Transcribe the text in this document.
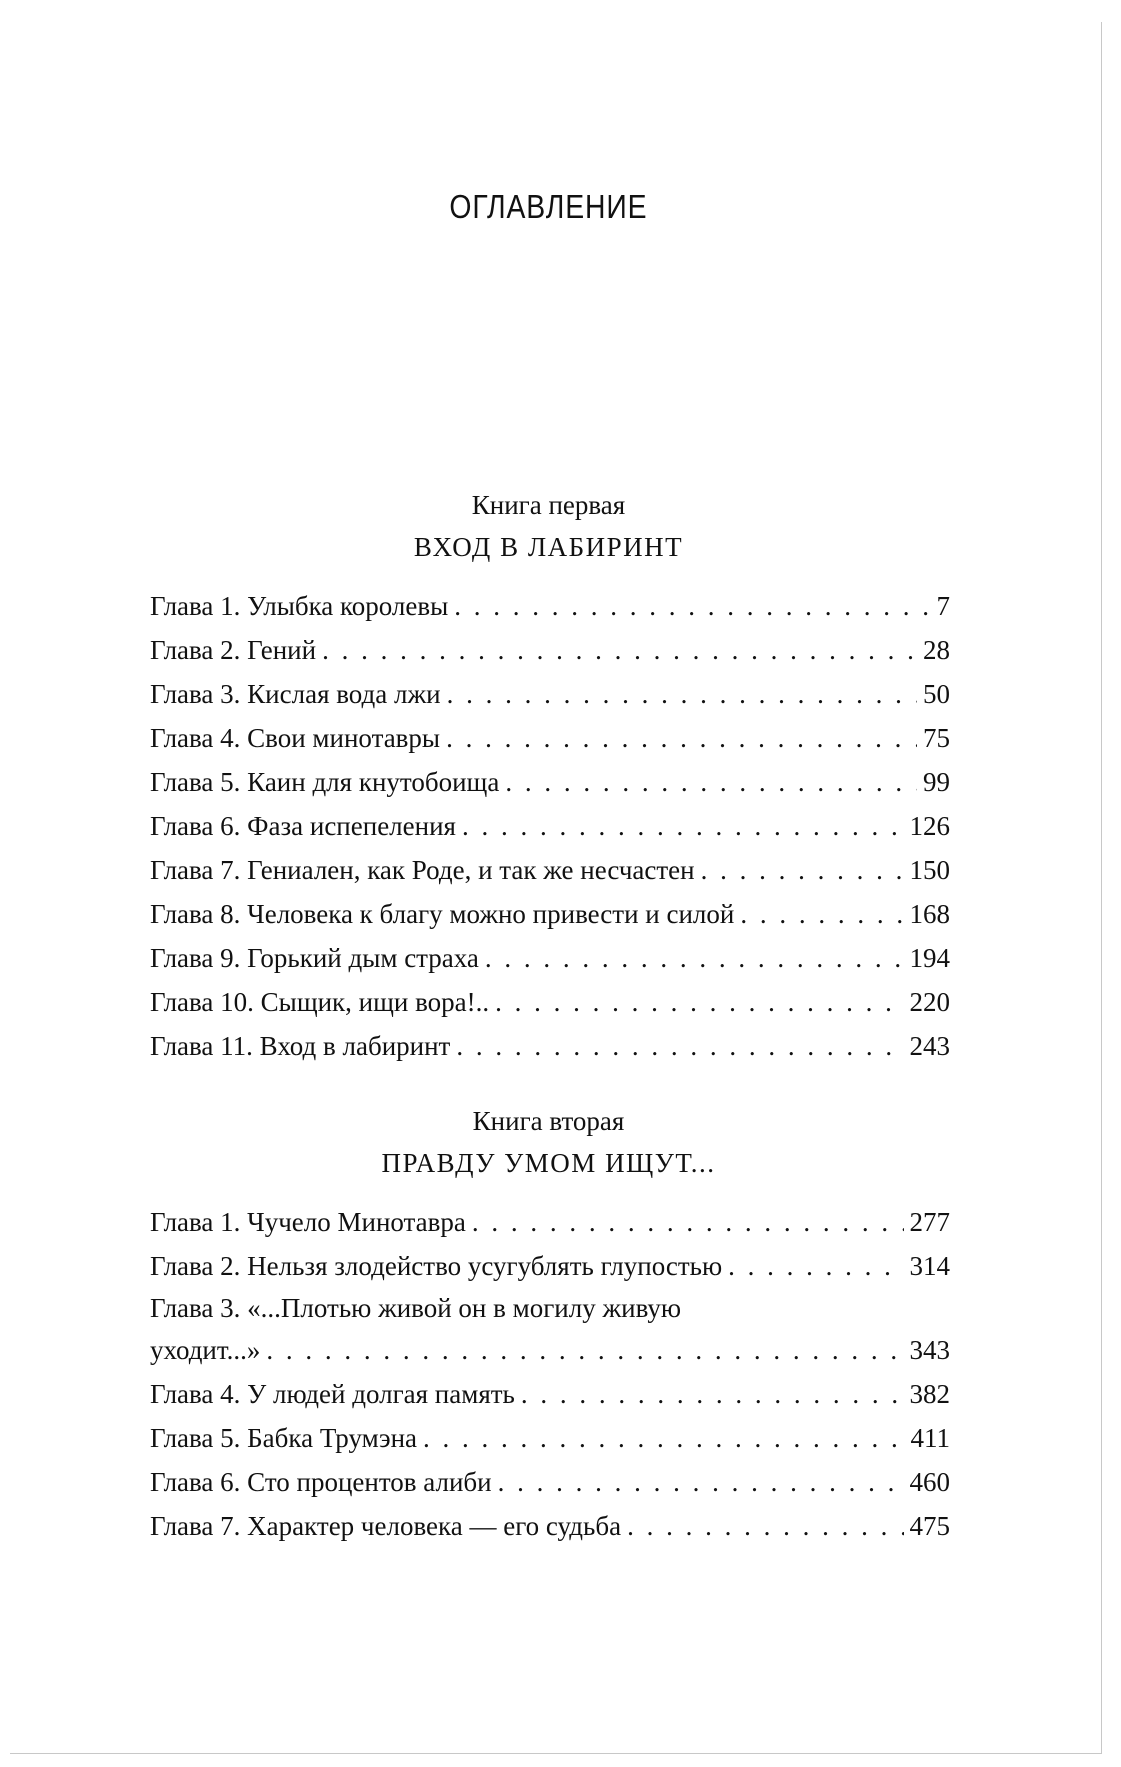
ОГЛАВЛЕНИЕ
Книга первая
ВХОД В ЛАБИРИНТ
Глава 1. Улыбка королевы . . .	7
Глава 2. Гений . . .	28
Глава 3. Кислая вода лжи . . .	50
Глава 4. Свои минотавры . . .	75
Глава 5. Каин для кнутобоища . . .	99
Глава 6. Фаза испепеления . . .	126
Глава 7. Гениален, как Роде, и так же несчастен . . .	150
Глава 8. Человека к благу можно привести и силой . . .	168
Глава 9. Горький дым страха . . .	194
Глава 10. Сыщик, ищи вора!.. . . .	220
Глава 11. Вход в лабиринт . . .	243
Книга вторая
ПРАВДУ УМОМ ИЩУТ...
Глава 1. Чучело Минотавра . . .	277
Глава 2. Нельзя злодейство усугублять глупостью . . .	314
Глава 3. «...Плотью живой он в могилу живую
уходит...» . . .	343
Глава 4. У людей долгая память . . .	382
Глава 5. Бабка Трумэна . . .	411
Глава 6. Сто процентов алиби . . .	460
Глава 7. Характер человека — его судьба . . .	475
